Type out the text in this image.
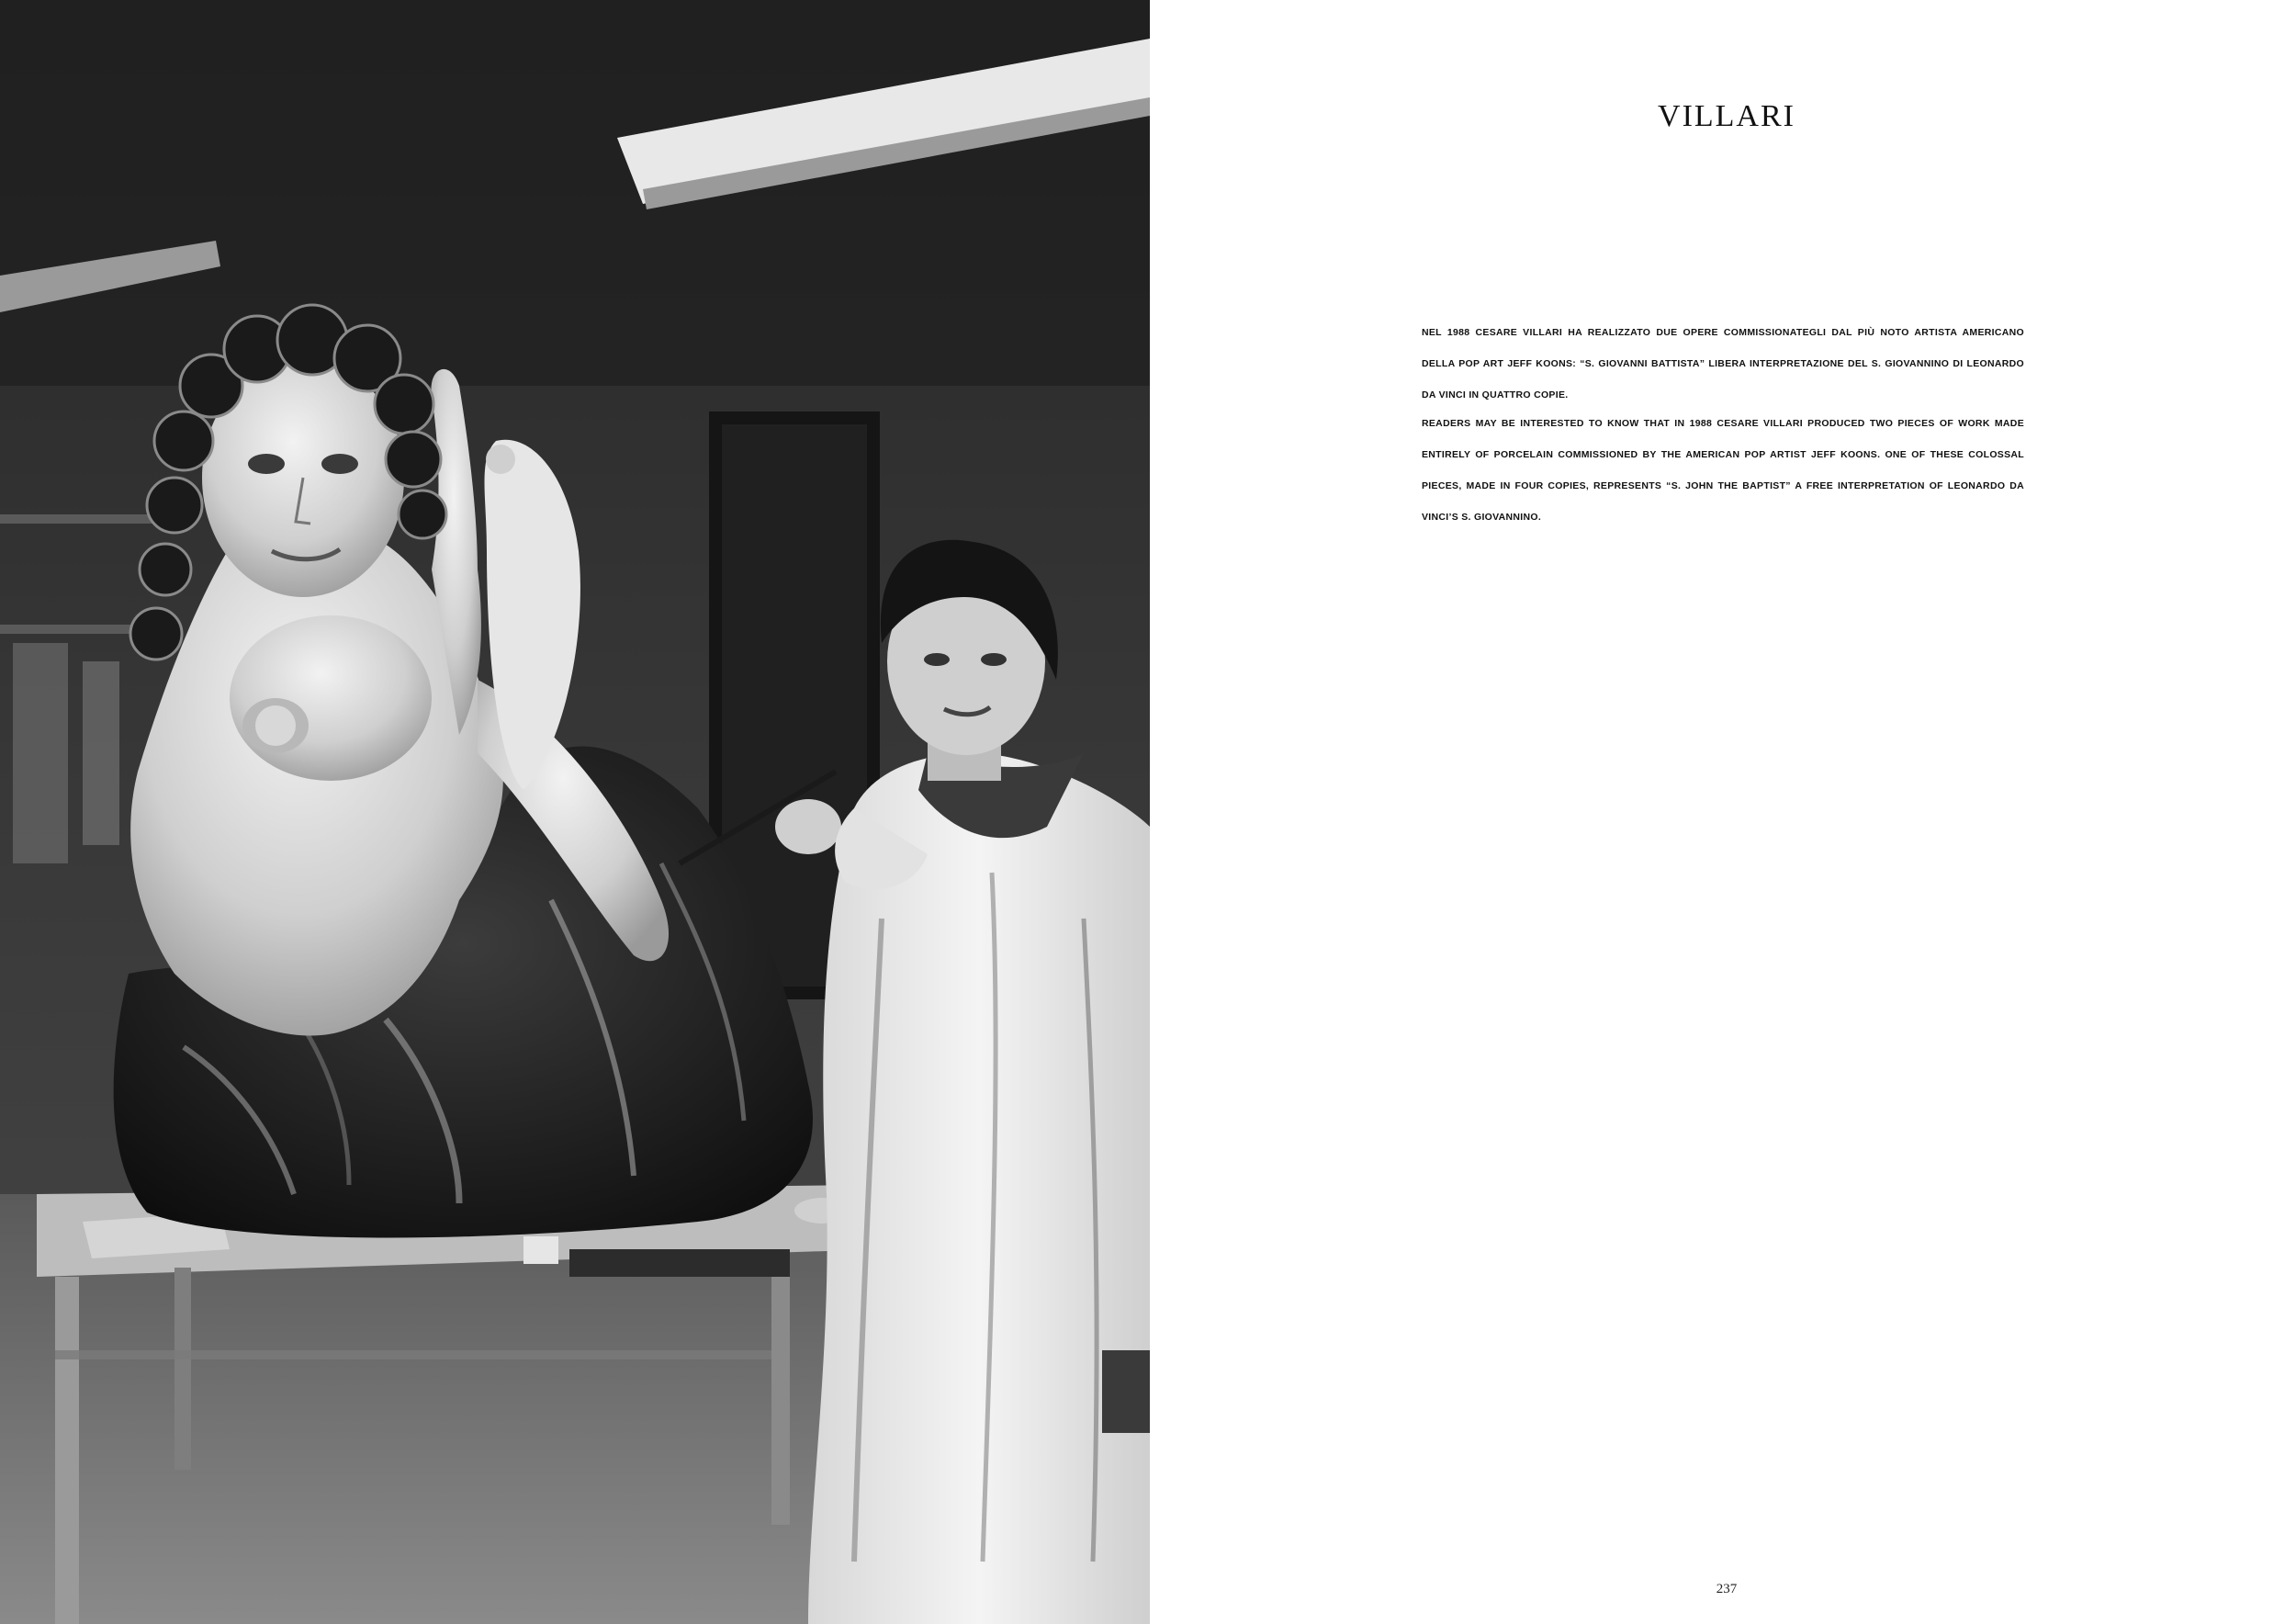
VILLARI

NEL 1988 CESARE VILLARI HA REALIZZATO DUE OPERE COMMISSIONATEGLI DAL PIÙ NOTO ARTISTA AMERICANO DELLA POP ART JEFF KOONS: “S. GIOVANNI BATTISTA” LIBERA INTERPRETAZIONE DEL S. GIOVANNINO DI LEONARDO DA VINCI IN QUATTRO COPIE.

READERS MAY BE INTERESTED TO KNOW THAT IN 1988 CESARE VILLARI PRODUCED TWO PIECES OF WORK MADE ENTIRELY OF PORCELAIN COMMISSIONED BY THE AMERICAN POP ARTIST JEFF KOONS. ONE OF THESE COLOSSAL PIECES, MADE IN FOUR COPIES, REPRESENTS “S. JOHN THE BAPTIST” A FREE INTERPRETATION OF LEONARDO DA VINCI’S S. GIOVANNINO.

237
